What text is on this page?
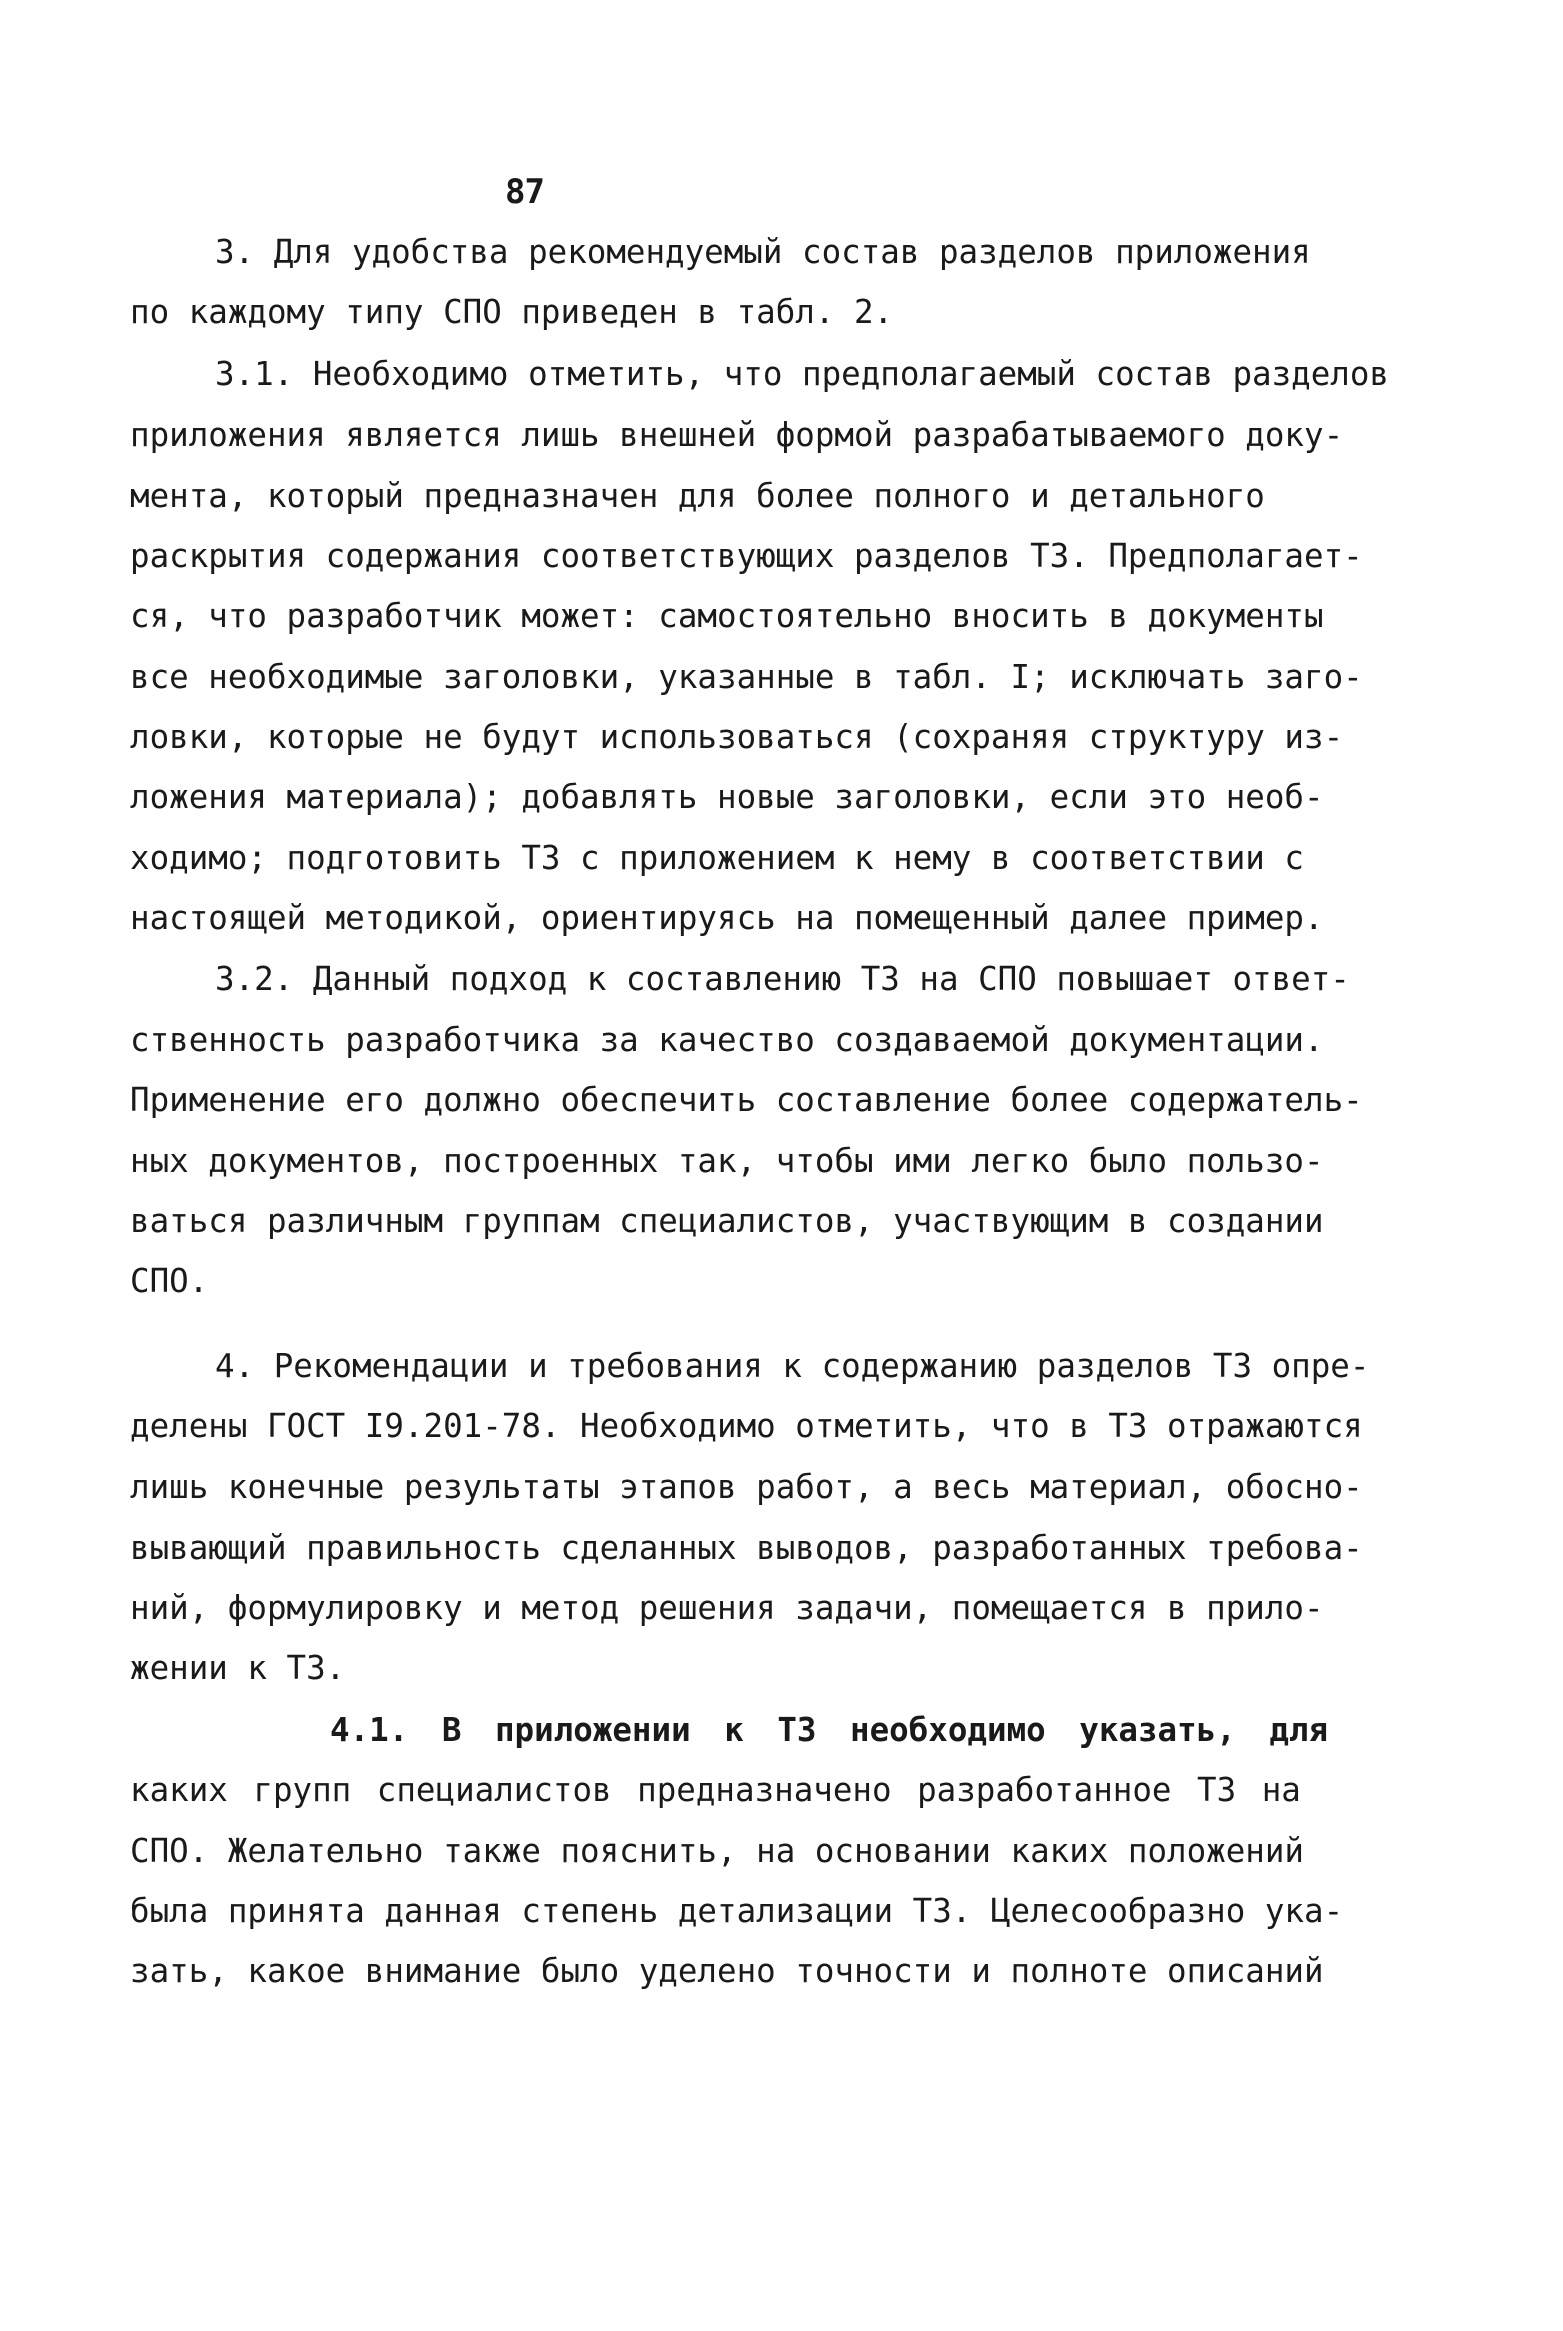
87
3. Для удобства рекомендуемый состав разделов приложения
по каждому типу СПО приведен в табл. 2.
3.1. Необходимо отметить, что предполагаемый состав разделов
приложения является лишь внешней формой разрабатываемого доку-
мента, который предназначен для более полного и детального
раскрытия содержания соответствующих разделов ТЗ. Предполагает-
ся, что разработчик может: самостоятельно вносить в документы
все необходимые заголовки, указанные в табл. I; исключать заго-
ловки, которые не будут использоваться (сохраняя структуру из-
ложения материала); добавлять новые заголовки, если это необ-
ходимо; подготовить ТЗ с приложением к нему в соответствии с
настоящей методикой, ориентируясь на помещенный далее пример.
3.2. Данный подход к составлению ТЗ на СПО повышает ответ-
ственность разработчика за качество создаваемой документации.
Применение его должно обеспечить составление более содержатель-
ных документов, построенных так, чтобы ими легко было пользо-
ваться различным группам специалистов, участвующим в создании
СПО.
4. Рекомендации и требования к содержанию разделов ТЗ опре-
делены ГОСТ I9.201-78. Необходимо отметить, что в ТЗ отражаются
лишь конечные результаты этапов работ, а весь материал, обосно-
вывающий правильность сделанных выводов, разработанных требова-
ний, формулировку и метод решения задачи, помещается в прило-
жении к ТЗ.
4.1. В приложении к ТЗ необходимо указать, для
каких групп специалистов предназначено разработанное ТЗ на
СПО. Желательно также пояснить, на основании каких положений
была принята данная степень детализации ТЗ. Целесообразно ука-
зать, какое внимание было уделено точности и полноте описаний
